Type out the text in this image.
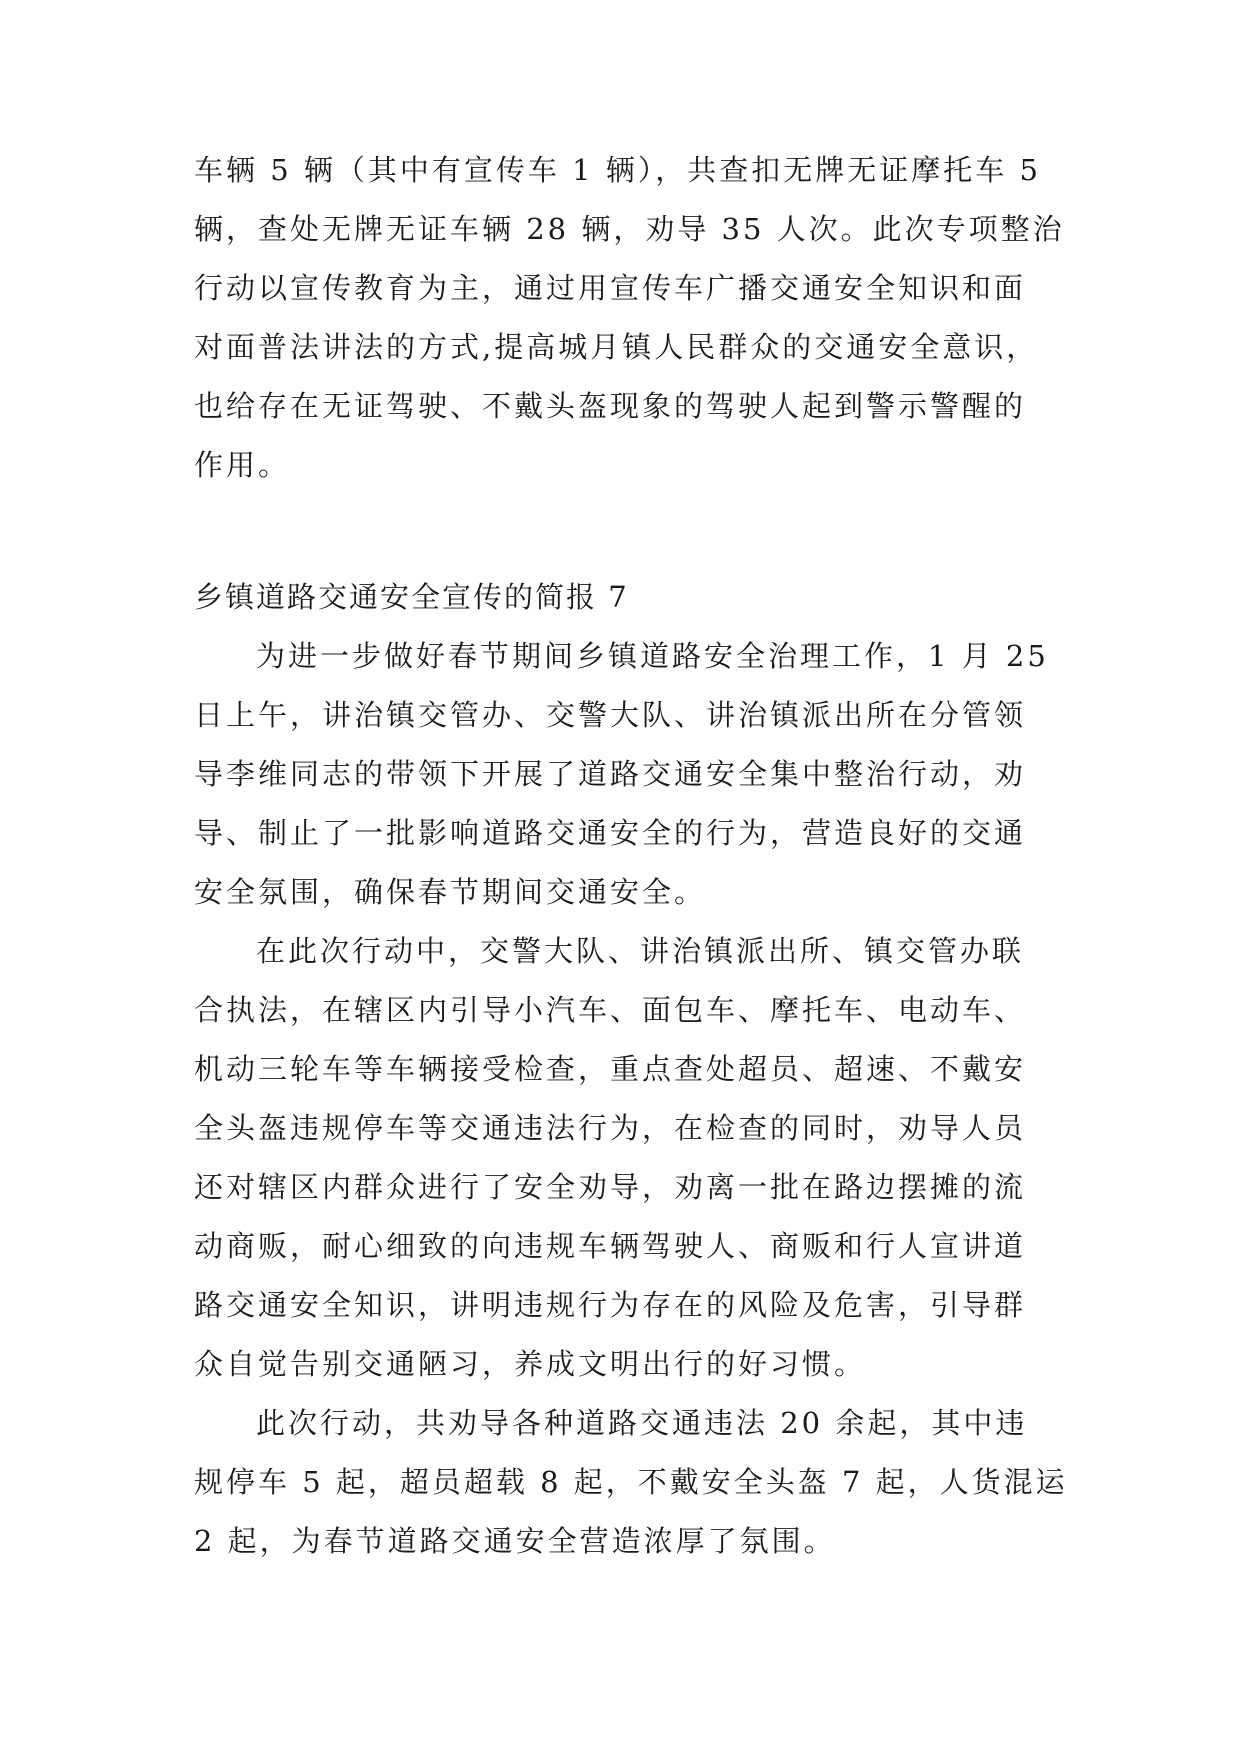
车辆 5 辆（其中有宣传车 1 辆），共查扣无牌无证摩托车 5
辆，查处无牌无证车辆 28 辆，劝导 35 人次。此次专项整治
行动以宣传教育为主，通过用宣传车广播交通安全知识和面
对面普法讲法的方式,提高城月镇人民群众的交通安全意识，
也给存在无证驾驶、不戴头盔现象的驾驶人起到警示警醒的
作用。
乡镇道路交通安全宣传的简报 7
为进一步做好春节期间乡镇道路安全治理工作，1 月 25
日上午，讲治镇交管办、交警大队、讲治镇派出所在分管领
导李维同志的带领下开展了道路交通安全集中整治行动，劝
导、制止了一批影响道路交通安全的行为，营造良好的交通
安全氛围，确保春节期间交通安全。
在此次行动中，交警大队、讲治镇派出所、镇交管办联
合执法，在辖区内引导小汽车、面包车、摩托车、电动车、
机动三轮车等车辆接受检查，重点查处超员、超速、不戴安
全头盔违规停车等交通违法行为，在检查的同时，劝导人员
还对辖区内群众进行了安全劝导，劝离一批在路边摆摊的流
动商贩，耐心细致的向违规车辆驾驶人、商贩和行人宣讲道
路交通安全知识，讲明违规行为存在的风险及危害，引导群
众自觉告别交通陋习，养成文明出行的好习惯。
此次行动，共劝导各种道路交通违法 20 余起，其中违
规停车 5 起，超员超载 8 起，不戴安全头盔 7 起，人货混运
2 起，为春节道路交通安全营造浓厚了氛围。
